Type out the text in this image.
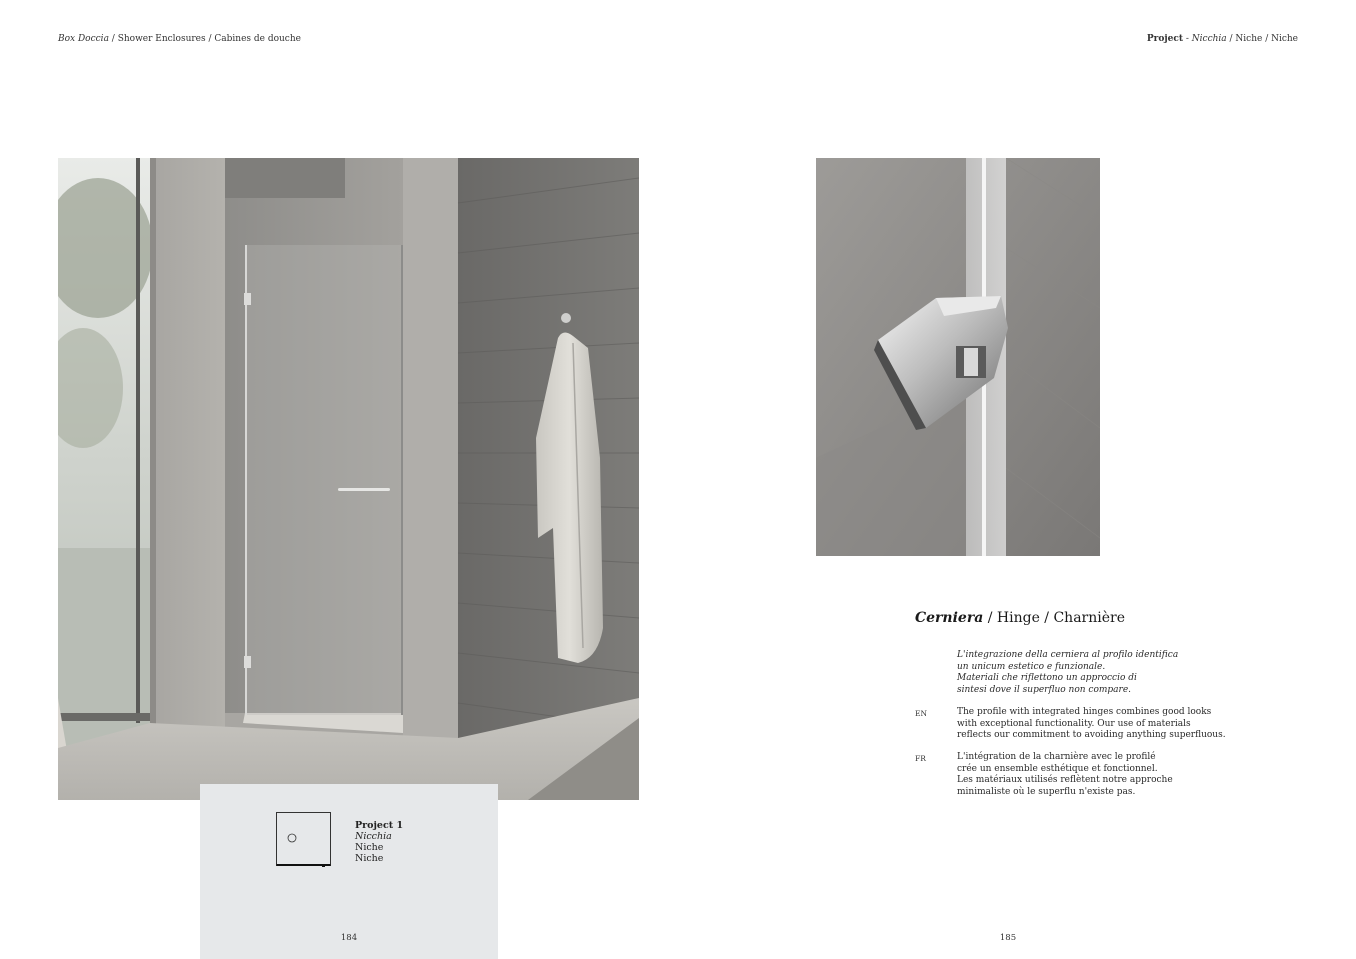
Box Doccia / Shower Enclosures / Cabines de douche	Project - Nicchia / Niche / Niche
Project 1
Nicchia
Niche
Niche
184
Cerniera / Hinge / Charnière
L'integrazione della cerniera al profilo identifica
un unicum estetico e funzionale.
Materiali che riflettono un approccio di
sintesi dove il superfluo non compare.
EN	The profile with integrated hinges combines good looks
with exceptional functionality. Our use of materials
reflects our commitment to avoiding anything superfluous.
FR	L'intégration de la charnière avec le profilé
crée un ensemble esthétique et fonctionnel.
Les matériaux utilisés reflètent notre approche
minimaliste où le superflu n'existe pas.
185
